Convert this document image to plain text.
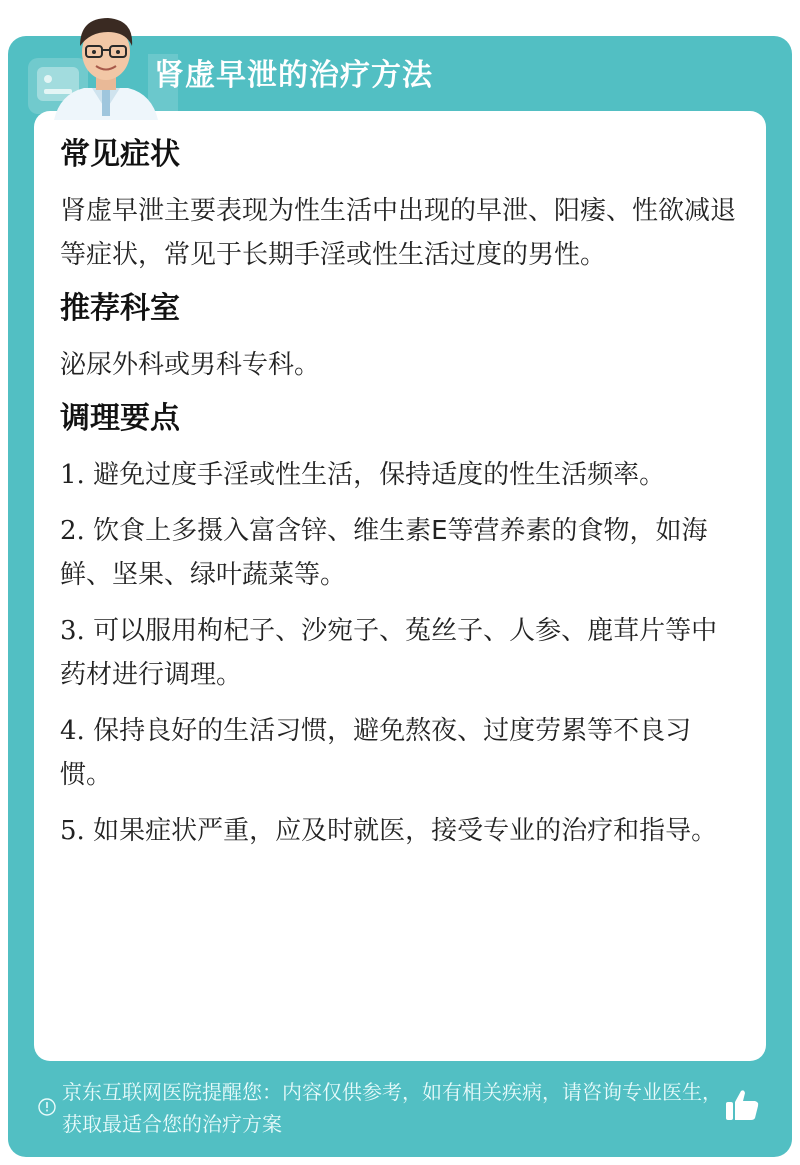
肾虚早泄的治疗方法
常见症状

肾虚早泄主要表现为性生活中出现的早泄、阳痿、性欲减退等症状，常见于长期手淫或性生活过度的男性。

推荐科室

泌尿外科或男科专科。

调理要点
1. 避免过度手淫或性生活，保持适度的性生活频率。
2. 饮食上多摄入富含锌、维生素E等营养素的食物，如海鲜、坚果、绿叶蔬菜等。
3. 可以服用枸杞子、沙宛子、菟丝子、人参、鹿茸片等中药材进行调理。
4. 保持良好的生活习惯，避免熬夜、过度劳累等不良习惯。
5. 如果症状严重，应及时就医，接受专业的治疗和指导。

京东互联网医院提醒您：内容仅供参考，如有相关疾病，请咨询专业医生，获取最适合您的治疗方案
